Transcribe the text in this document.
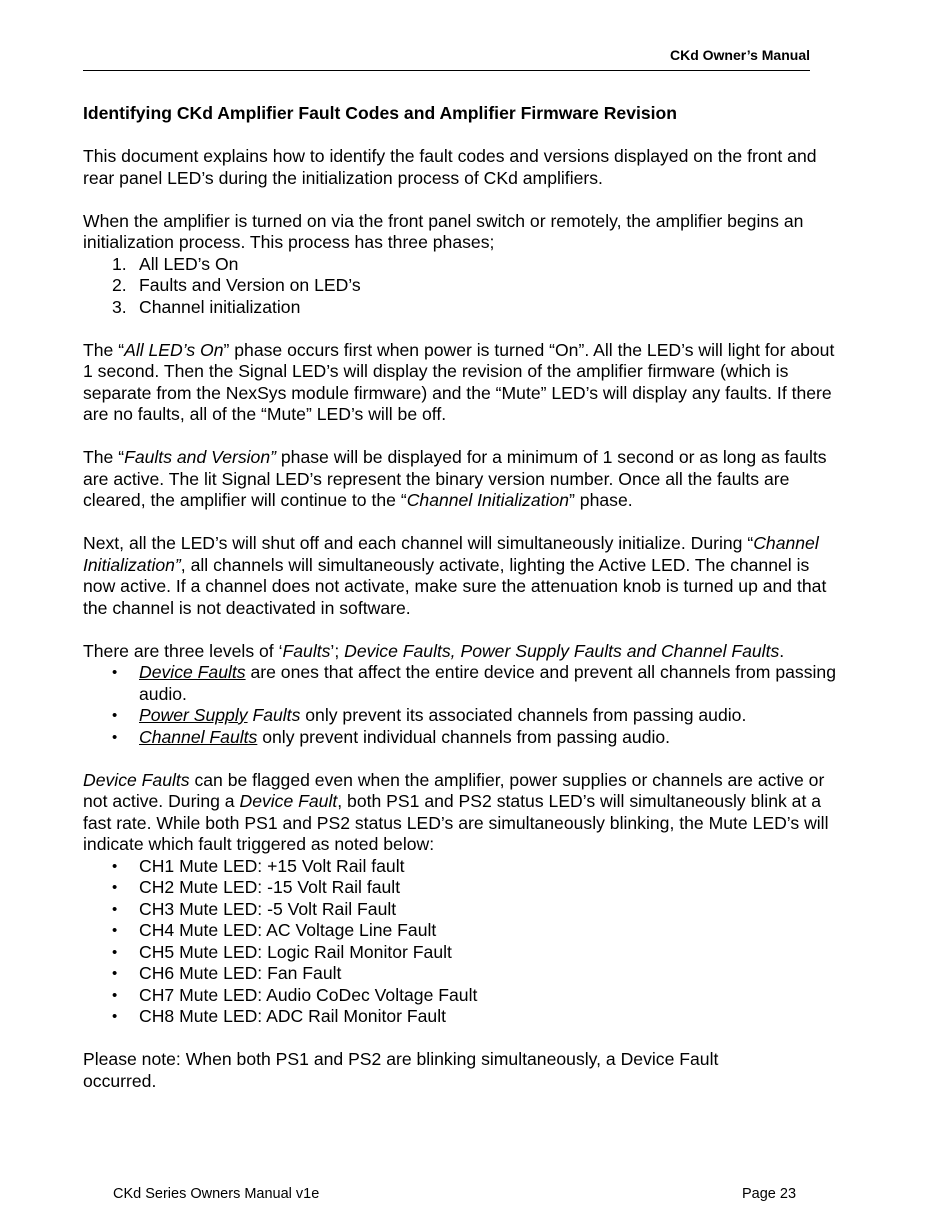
CKd Owner’s Manual
Identifying CKd Amplifier Fault Codes and Amplifier Firmware Revision

This document explains how to identify the fault codes and versions displayed on the front and rear panel LED’s during the initialization process of CKd amplifiers.

When the amplifier is turned on via the front panel switch or remotely, the amplifier begins an initialization process. This process has three phases;

1. All LED’s On
2. Faults and Version on LED’s
3. Channel initialization

The “All LED’s On” phase occurs first when power is turned “On”. All the LED’s will light for about 1 second. Then the Signal LED’s will display the revision of the amplifier firmware (which is separate from the NexSys module firmware) and the “Mute” LED’s will display any faults. If there are no faults, all of the “Mute” LED’s will be off.

The “Faults and Version” phase will be displayed for a minimum of 1 second or as long as faults are active. The lit Signal LED’s represent the binary version number. Once all the faults are cleared, the amplifier will continue to the “Channel Initialization” phase.

Next, all the LED’s will shut off and each channel will simultaneously initialize. During “Channel Initialization”, all channels will simultaneously activate, lighting the Active LED. The channel is now active. If a channel does not activate, make sure the attenuation knob is turned up and that the channel is not deactivated in software.

There are three levels of ‘Faults’; Device Faults, Power Supply Faults and Channel Faults.

• Device Faults are ones that affect the entire device and prevent all channels from passing audio.
• Power Supply Faults only prevent its associated channels from passing audio.
• Channel Faults only prevent individual channels from passing audio.

Device Faults can be flagged even when the amplifier, power supplies or channels are active or not active. During a Device Fault, both PS1 and PS2 status LED’s will simultaneously blink at a fast rate. While both PS1 and PS2 status LED’s are simultaneously blinking, the Mute LED’s will indicate which fault triggered as noted below:

• CH1 Mute LED: +15 Volt Rail fault
• CH2 Mute LED: -15 Volt Rail fault
• CH3 Mute LED: -5 Volt Rail Fault
• CH4 Mute LED: AC Voltage Line Fault
• CH5 Mute LED: Logic Rail Monitor Fault
• CH6 Mute LED: Fan Fault
• CH7 Mute LED: Audio CoDec Voltage Fault
• CH8 Mute LED: ADC Rail Monitor Fault

Please note: When both PS1 and PS2 are blinking simultaneously, a Device Fault occurred.

CKd Series Owners Manual v1e	Page 23
